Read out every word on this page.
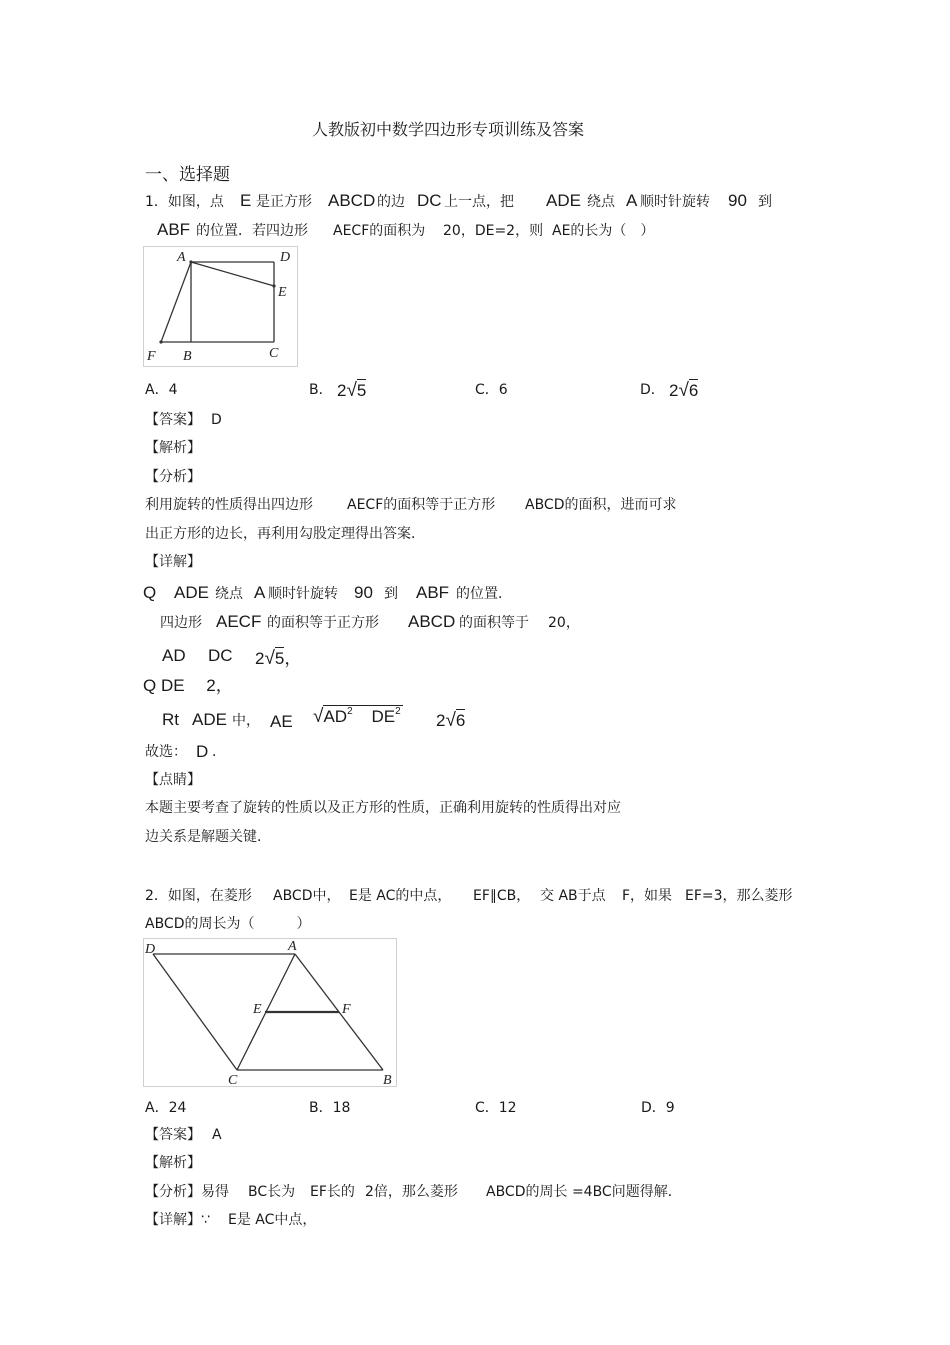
人教版初中数学四边形专项训练及答案
一、选择题
1．如图，点 E 是正方形 ABCD 的边 DC 上一点，把 ADE 绕点 A 顺时针旋转 90 到
ABF 的位置．若四边形 AECF的面积为 20，DE=2，则 AE的长为（　）
A	D
E
F B	C
A．4	B． 2√5	C．6	D． 2√6
【答案】 D
【解析】
【分析】
利用旋转的性质得出四边形 AECF的面积等于正方形 ABCD的面积，进而可求
出正方形的边长，再利用勾股定理得出答案．
【详解】
Q ADE 绕点 A 顺时针旋转 90 到 ABF 的位置．
四边形 AECF 的面积等于正方形 ABCD 的面积等于 20，
AD DC 2√5，
Q DE　 2，
Rt ADE 中， AE $√AD^2$ $DE^2$ 2√6
故选： D ．
【点睛】
本题主要考查了旋转的性质以及正方形的性质，正确利用旋转的性质得出对应
边关系是解题关键．
2．如图，在菱形 ABCD中， E是 AC的中点， EF∥CB， 交 AB于点 F，如果 EF=3，那么菱形
ABCD的周长为（　　　）
D	A
E	F
C	B
A．24	B．18	C．12	D．9
【答案】 A
【解析】
【分析】易得 BC长为 EF长的 2倍，那么菱形 ABCD的周长 =4BC问题得解．
【详解】∵ E是 AC中点，
